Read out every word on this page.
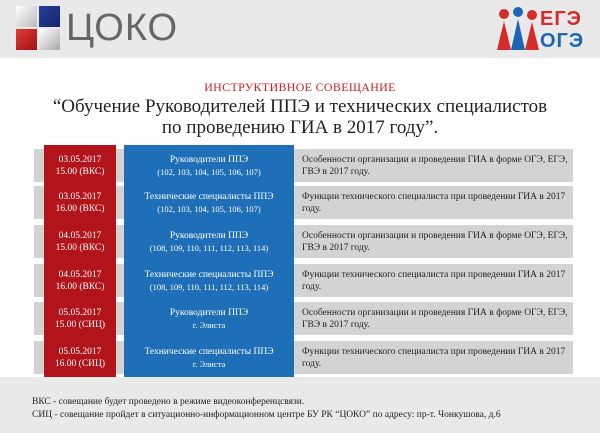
ЦОКО	ЕГЭ
ОГЭ
ИНСТРУКТИВНОЕ СОВЕЩАНИЕ
“Обучение Руководителей ППЭ и технических специалистов
по проведению ГИА в 2017 году”.
03.05.2017
15.00 (ВКС)
Руководители ППЭ
(102, 103, 104, 105, 106, 107)
Особенности организации и проведения ГИА в форме ОГЭ, ЕГЭ, ГВЭ в 2017 году.
03.05.2017
16.00 (ВКС)
Технические специалисты ППЭ
(102, 103, 104, 105, 106, 107)
Функции технического специалиста при проведении ГИА в 2017 году.
04.05.2017
15.00 (ВКС)
Руководители ППЭ
(108, 109, 110, 111, 112, 113, 114)
Особенности организации и проведения ГИА в форме ОГЭ, ЕГЭ, ГВЭ в 2017 году.
04.05.2017
16.00 (ВКС)
Технические специалисты ППЭ
(108, 109, 110, 111, 112, 113, 114)
Функции технического специалиста при проведении ГИА в 2017 году.
05.05.2017
15.00 (СИЦ)
Руководители ППЭ
г. Элиста
Особенности организации и проведения ГИА в форме ОГЭ, ЕГЭ, ГВЭ в 2017 году.
05.05.2017
16.00 (СИЦ)
Технические специалисты ППЭ
г. Элиста
Функции технического специалиста при проведении ГИА в 2017 году.
ВКС - совещание будет проведено в режиме видеоконференцсвязи.
СИЦ - совещание пройдет в ситуационно-информационном центре БУ РК “ЦОКО” по адресу: пр-т. Чонкушова, д.6
